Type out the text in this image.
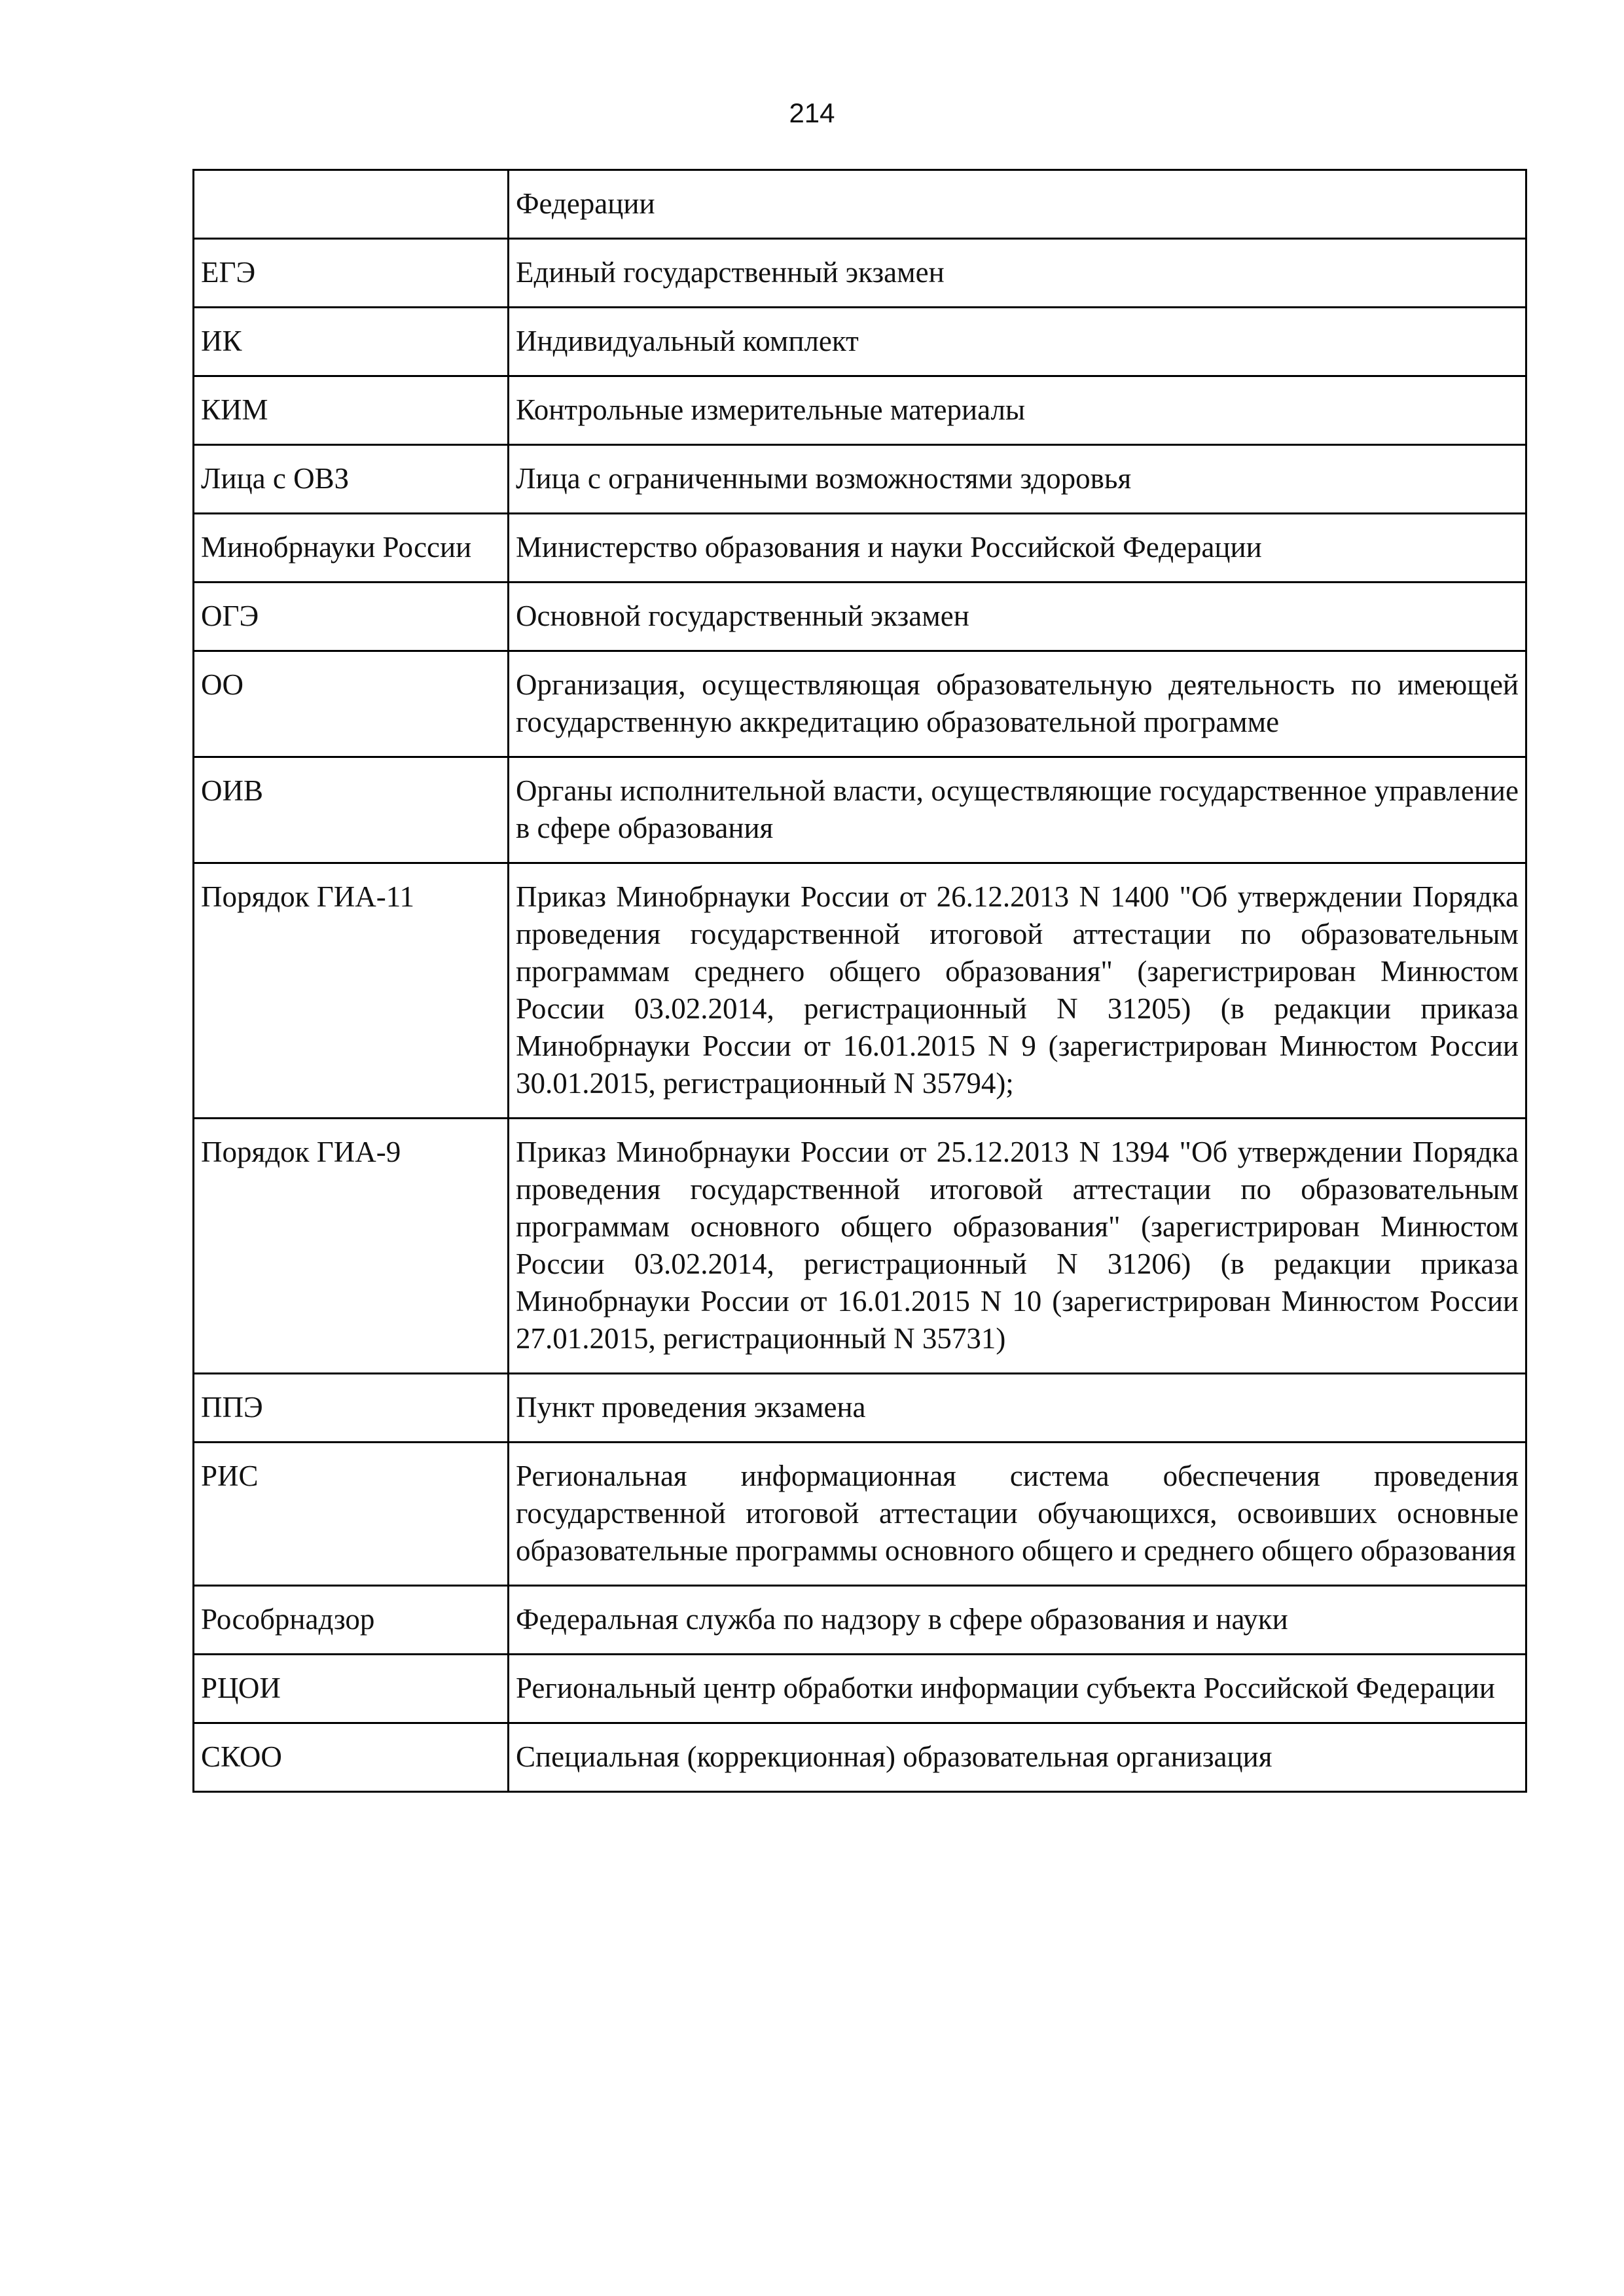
214
	Федерации
ЕГЭ	Единый государственный экзамен
ИК	Индивидуальный комплект
КИМ	Контрольные измерительные материалы
Лица с ОВЗ	Лица с ограниченными возможностями здоровья
Минобрнауки России	Министерство образования и науки Российской Федерации
ОГЭ	Основной государственный экзамен
ОО	Организация, осуществляющая образовательную деятельность по имеющей государственную аккредитацию образовательной программе
ОИВ	Органы исполнительной власти, осуществляющие государственное управление в сфере образования
Порядок ГИА-11	Приказ Минобрнауки России от 26.12.2013 N 1400 "Об утверждении Порядка проведения государственной итоговой аттестации по образовательным программам среднего общего образования" (зарегистрирован Минюстом России 03.02.2014, регистрационный N 31205) (в редакции приказа Минобрнауки России от 16.01.2015 N 9 (зарегистрирован Минюстом России 30.01.2015, регистрационный N 35794);
Порядок ГИА-9	Приказ Минобрнауки России от 25.12.2013 N 1394 "Об утверждении Порядка проведения государственной итоговой аттестации по образовательным программам основного общего образования" (зарегистрирован Минюстом России 03.02.2014, регистрационный N 31206) (в редакции приказа Минобрнауки России от 16.01.2015 N 10 (зарегистрирован Минюстом России 27.01.2015, регистрационный N 35731)
ППЭ	Пункт проведения экзамена
РИС	Региональная информационная система обеспечения проведения государственной итоговой аттестации обучающихся, освоивших основные образовательные программы основного общего и среднего общего образования
Рособрнадзор	Федеральная служба по надзору в сфере образования и науки
РЦОИ	Региональный центр обработки информации субъекта Российской Федерации
СКОО	Специальная (коррекционная) образовательная организация
